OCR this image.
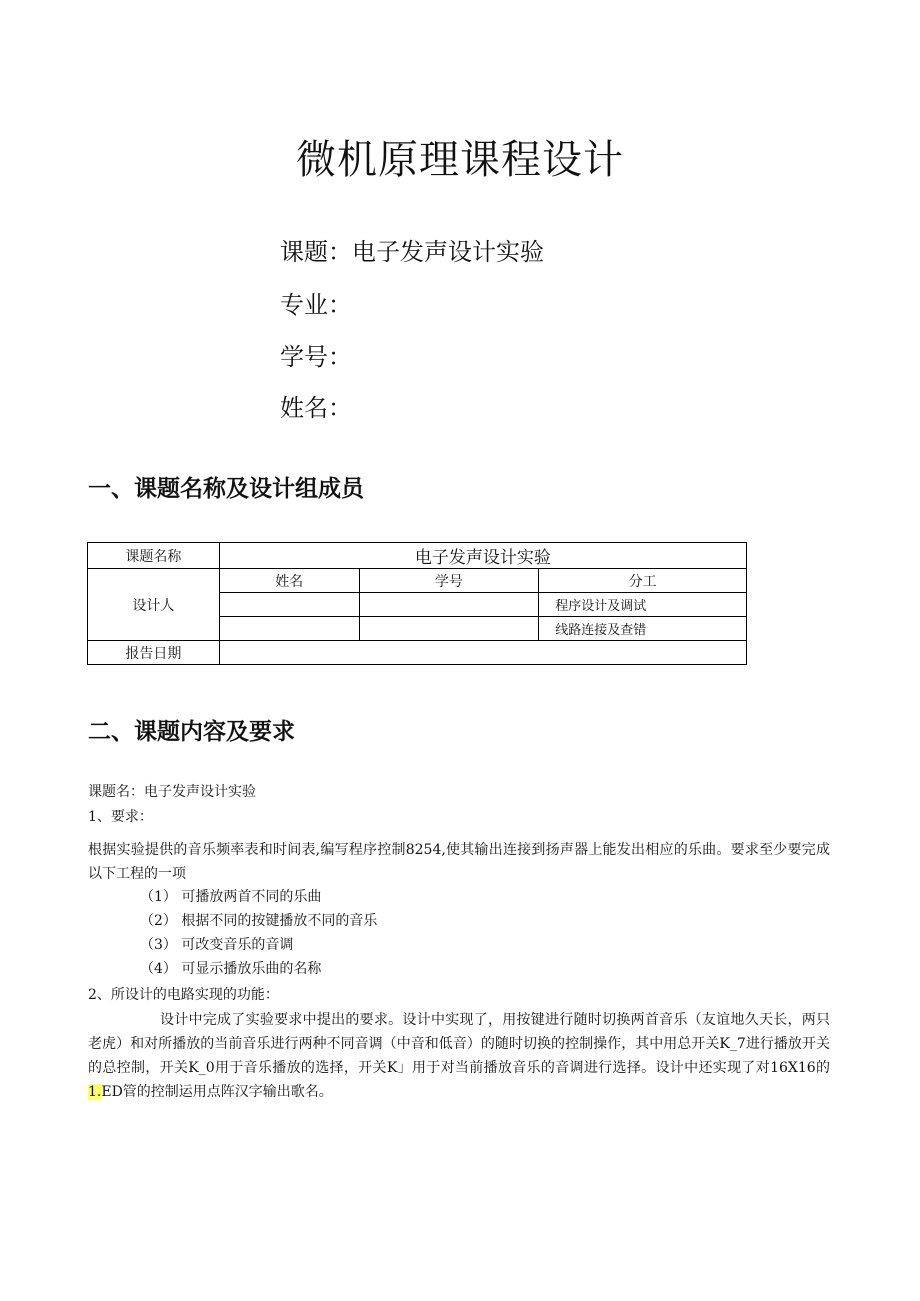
微机原理课程设计
课题：电子发声设计实验
专业：
学号：
姓名：
一、课题名称及设计组成员
课题名称	电子发声设计实验		
设计人	姓名	学号	分工
			程序设计及调试
			线路连接及查错
报告日期			
二、课题内容及要求
课题名：电子发声设计实验
1、要求：
根据实验提供的音乐频率表和时间表,编写程序控制8254,使其输出连接到扬声器上能发出相应的乐曲。要求至少要完成以下工程的一项
（1） 可播放两首不同的乐曲
（2） 根据不同的按键播放不同的音乐
（3） 可改变音乐的音调
（4） 可显示播放乐曲的名称
2、所设计的电路实现的功能：
设计中完成了实验要求中提出的要求。设计中实现了，用按键进行随时切换两首音乐（友谊地久天长，两只老虎）和对所播放的当前音乐进行两种不同音调（中音和低音）的随时切换的控制操作，其中用总开关K_7进行播放开关的总控制，开关K_0用于音乐播放的选择，开关K」用于对当前播放音乐的音调进行选择。设计中还实现了对16X16的1.ED管的控制运用点阵汉字输出歌名。
